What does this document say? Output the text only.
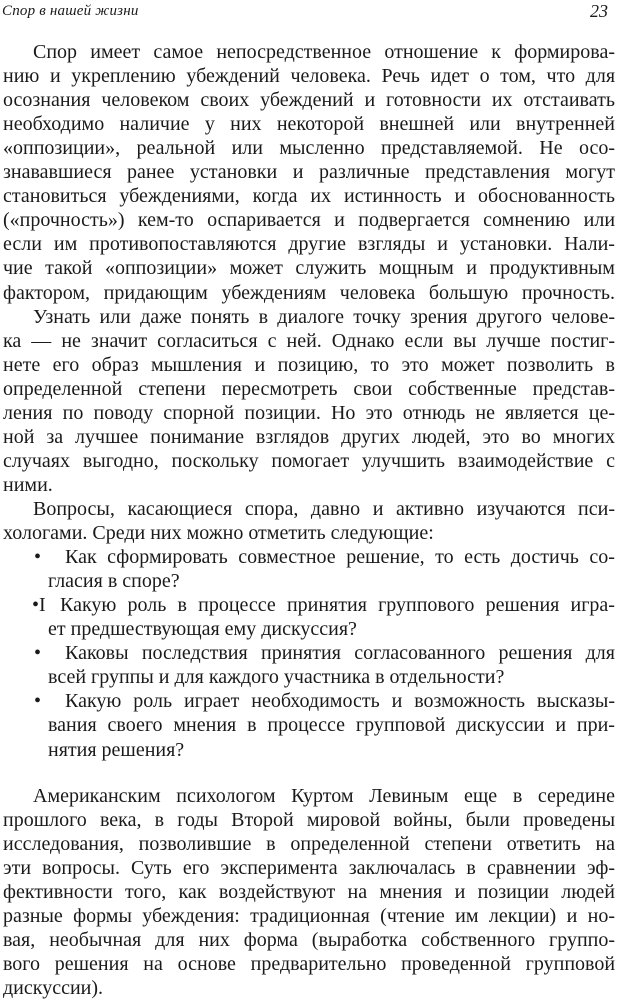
Спор в нашей жизни	23
Спор имеет самое непосредственное отношение к формирова-
нию и укреплению убеждений человека. Речь идет о том, что для
осознания человеком своих убеждений и готовности их отстаивать
необходимо наличие у них некоторой внешней или внутренней
«оппозиции», реальной или мысленно представляемой. Не осо-
знававшиеся ранее установки и различные представления могут
становиться убеждениями, когда их истинность и обоснованность
(«прочность») кем-то оспаривается и подвергается сомнению или
если им противопоставляются другие взгляды и установки. Нали-
чие такой «оппозиции» может служить мощным и продуктивным
фактором, придающим убеждениям человека большую прочность.
Узнать или даже понять в диалоге точку зрения другого челове-
ка — не значит согласиться с ней. Однако если вы лучше постиг-
нете его образ мышления и позицию, то это может позволить в
определенной степени пересмотреть свои собственные представ-
ления по поводу спорной позиции. Но это отнюдь не является це-
ной за лучшее понимание взглядов других людей, это во многих
случаях выгодно, поскольку помогает улучшить взаимодействие с
ними.
Вопросы, касающиеся спора, давно и активно изучаются пси-
хологами. Среди них можно отметить следующие:
• Как сформировать совместное решение, то есть достичь со-
гласия в споре?
•I Какую роль в процессе принятия группового решения игра-
ет предшествующая ему дискуссия?
• Каковы последствия принятия согласованного решения для
всей группы и для каждого участника в отдельности?
• Какую роль играет необходимость и возможность высказы-
вания своего мнения в процессе групповой дискуссии и при-
нятия решения?
Американским психологом Куртом Левиным еще в середине
прошлого века, в годы Второй мировой войны, были проведены
исследования, позволившие в определенной степени ответить на
эти вопросы. Суть его эксперимента заключалась в сравнении эф-
фективности того, как воздействуют на мнения и позиции людей
разные формы убеждения: традиционная (чтение им лекции) и но-
вая, необычная для них форма (выработка собственного группо-
вого решения на основе предварительно проведенной групповой
дискуссии).
